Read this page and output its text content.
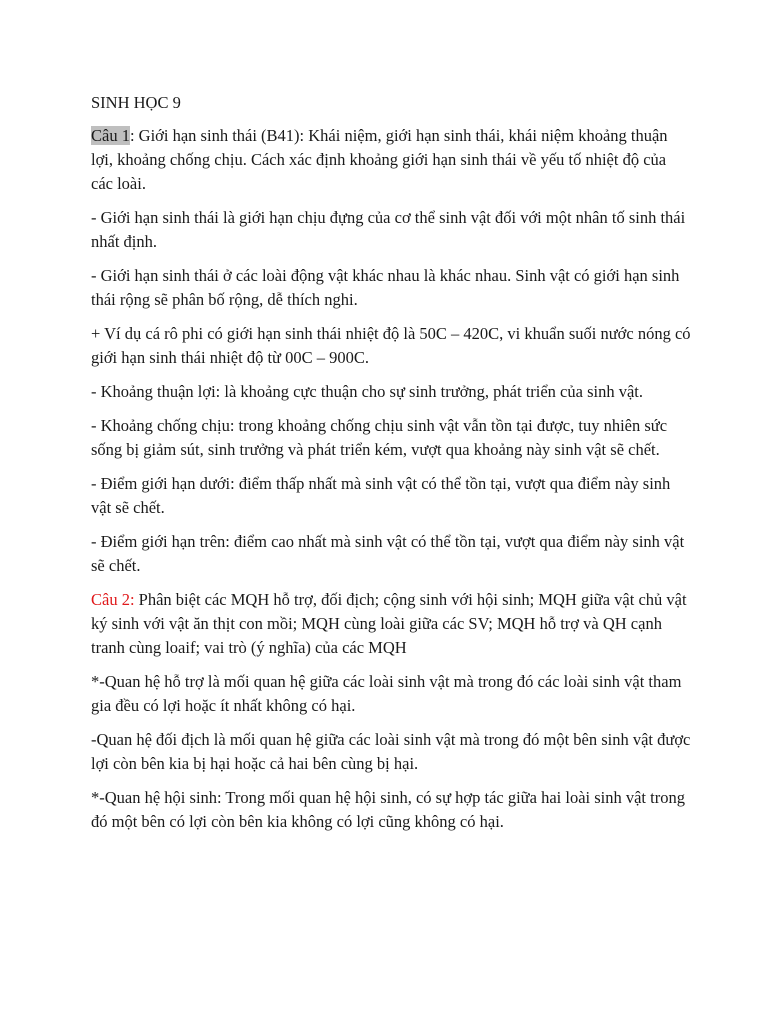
SINH HỌC 9
Câu 1: Giới hạn sinh thái (B41): Khái niệm, giới hạn sinh thái, khái niệm khoảng thuận lợi, khoảng chống chịu. Cách xác định khoảng giới hạn sinh thái về yếu tố nhiệt độ của các loài.
- Giới hạn sinh thái là giới hạn chịu đựng của cơ thể sinh vật đối với một nhân tố sinh thái nhất định.
- Giới hạn sinh thái ở các loài động vật khác nhau là khác nhau. Sinh vật có giới hạn sinh thái rộng sẽ phân bố rộng, dễ thích nghi.
+ Ví dụ cá rô phi có giới hạn sinh thái nhiệt độ là 50C – 420C, vi khuẩn suối nước nóng có giới hạn sinh thái nhiệt độ từ 00C – 900C.
- Khoảng thuận lợi: là khoảng cực thuận cho sự sinh trưởng, phát triển của sinh vật.
- Khoảng chống chịu: trong khoảng chống chịu sinh vật vẫn tồn tại được, tuy nhiên sức sống bị giảm sút, sinh trưởng và phát triển kém, vượt qua khoảng này sinh vật sẽ chết.
- Điểm giới hạn dưới: điểm thấp nhất mà sinh vật có thể tồn tại, vượt qua điểm này sinh vật sẽ chết.
- Điểm giới hạn trên: điểm cao nhất mà sinh vật có thể tồn tại, vượt qua điểm này sinh vật sẽ chết.
Câu 2: Phân biệt các MQH hỗ trợ, đối địch; cộng sinh với hội sinh; MQH giữa vật chủ vật ký sinh với vật ăn thịt con mồi; MQH cùng loài giữa các SV; MQH hỗ trợ và QH cạnh tranh cùng loaif; vai trò (ý nghĩa) của các MQH
*-Quan hệ hỗ trợ là mối quan hệ giữa các loài sinh vật mà trong đó các loài sinh vật tham gia đều có lợi hoặc ít nhất không có hại.
-Quan hệ đối địch là mối quan hệ giữa các loài sinh vật mà trong đó một bên sinh vật được lợi còn bên kia bị hại hoặc cả hai bên cùng bị hại.
*-Quan hệ hội sinh: Trong mối quan hệ hội sinh, có sự hợp tác giữa hai loài sinh vật trong đó một bên có lợi còn bên kia không có lợi cũng không có hại.
